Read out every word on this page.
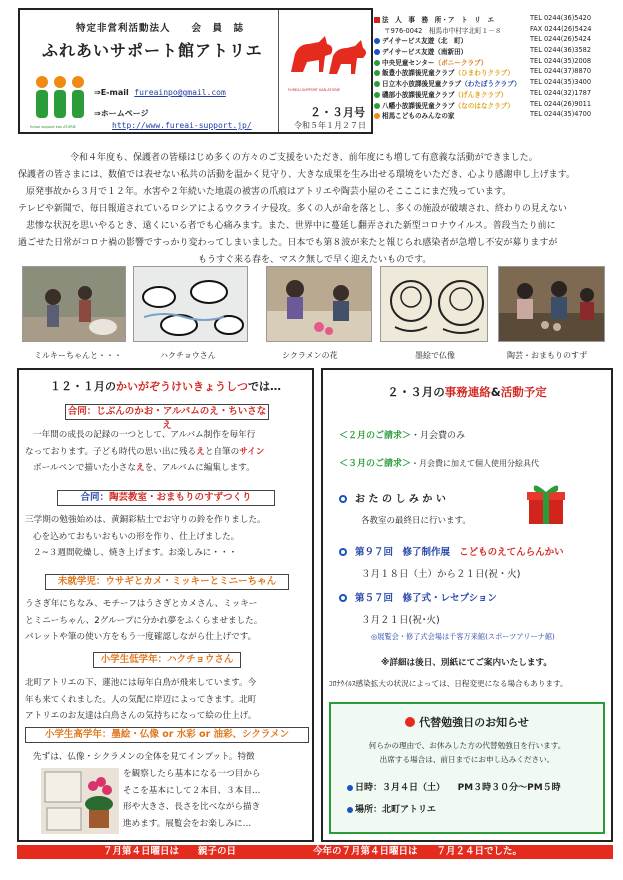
特定非営利活動法人　　会　員　誌
ふれあいサポート館アトリエ
fureai support kan ATORIE
⇒E-mail fureainpo@gmail.com
⇒ホームページ
http://www.fureai-support.jp/
FUREAI SUPPORT KAN ATORIE
２・３月号
令和５年１月２７日
法　人　事　務　所・ア　ト　リ　エ	TEL 0244(36)5420
〒976-0042　相馬市中村字北町１－８	FAX 0244(26)5424
デイサービス友遊（北　町）	TEL 0244(26)5424
デイサービス友遊（南新田）	TEL 0244(36)3582
中央児童センター（ボニークラブ）	TEL 0244(35)2008
飯豊小放課後児童クラブ（ひまわりクラブ） TEL 0244(37)8870
日立木小放課後児童クラブ（わたぼうクラブ） TEL 0244(35)3400
磯部小放課後児童クラブ（げんきクラブ）	TEL 0244(32)1787
八幡小放課後児童クラブ（なのはなクラブ） TEL 0244(26)9011
相馬こどものみんなの家	TEL 0244(35)4700

令和４年度も、保護者の皆様はじめ多くの方々のご支援をいただき、前年度にも増して有意義な活動ができました。

保護者の皆さまには、数値では表せない私共の活動を温かく見守り、大きな成果を生み出せる環境をいただき、心より感謝申し上げます。

原発事故から３月で１２年。水害や２年続いた地震の被害の爪痕はアトリエや陶芸小屋のそこここにまだ残っています。

テレビや新聞で、毎日報道されているロシアによるウクライナ侵攻。多くの人が命を落とし、多くの施設が破壊され、終わりの見えない

悲惨な状況を思いやるとき、遠くにいる者でも心痛みます。また、世界中に蔓延し翻弄された新型コロナウイルス。普段当たり前に

過ごせた日常がコロナ禍の影響ですっかり変わってしまいました。日本でも第８波が来たと報じられ感染者が急増し不安が募りますが

もうすぐ来る春を、マスク無しで早く迎えたいものです。

ミルキーちゃんと・・・	ハクチョウさん	シクラメンの花	墨絵で仏像	陶芸・おまもりのすず
１２・１月のかいがぞうけいきょうしつでは…
合同：じぶんのかお・アルバムのえ・ちいさなえ

一年間の成長の記録の一つとして、アルバム制作を毎年行

なっております。子ども時代の思い出に残るえと自筆のサイン

ボールペンで描いた小さなえを、アルバムに編集します。

合同：陶芸教室・おまもりのすずつくり

三学期の勉強始めは、黄銅彩粘土でお守りの鈴を作りました。

心を込めておもいおもいの形を作り、仕上げました。

２~３週間乾燥し、焼き上げます。お楽しみに・・・

未就学児：ウサギとカメ・ミッキーとミニーちゃん

うさぎ年にちなみ、モチーフはうさぎとカメさん、ミッキー

とミニーちゃん、2グループに分かれ夢をふくらませました。

パレットや筆の使い方をもう一度確認しながら仕上げです。

小学生低学年：ハクチョウさん

北町アトリエの下、蓮池には毎年白鳥が飛来しています。今

年も来てくれました。人の気配に岸辺によってきます。北町

アトリエのお友達は白鳥さんの気持ちになって絵の仕上げ。

小学生高学年：墨絵・仏像 or 水彩 or 油彩、シクラメン

先ずは、仏像・シクラメンの全体を見てインプット。特徴

を観察したら基本になる一つ目から

そこを基本にして２本目、３本目…

形や大きさ、長さを比べながら描き

進めます。展覧会をお楽しみに…

２・３月の事務連絡&活動予定
＜２月のご請求＞・月会費のみ
＜３月のご請求＞・月会費に加えて個人使用分絵具代
お た の し み か い
各教室の最終日に行います。
第９７回　修了制作展 こどものえてんらんかい
３月１８日（土）から２１日(祝・火)
第５７回　修了式・レセプション
３月２１日(祝･火)
◎展覧会・修了式会場は千客万来館(スポーツアリーナ館)
※詳細は後日、別紙にてご案内いたします。
ｺﾛﾅｳｲﾙｽ感染拡大の状況によっては、日程変更になる場合もあります。
代替勉強日のお知らせ
何らかの理由で、お休みした方の代替勉強日を行います。
出席する場合は、前日までにお申し込みください。
日時：３月４日（土） PM３時３０分～PM５時
場所：北町アトリエ
７月第４日曜日は　　親子の日	今年の７月第４日曜日は　　７月２４日でした。
